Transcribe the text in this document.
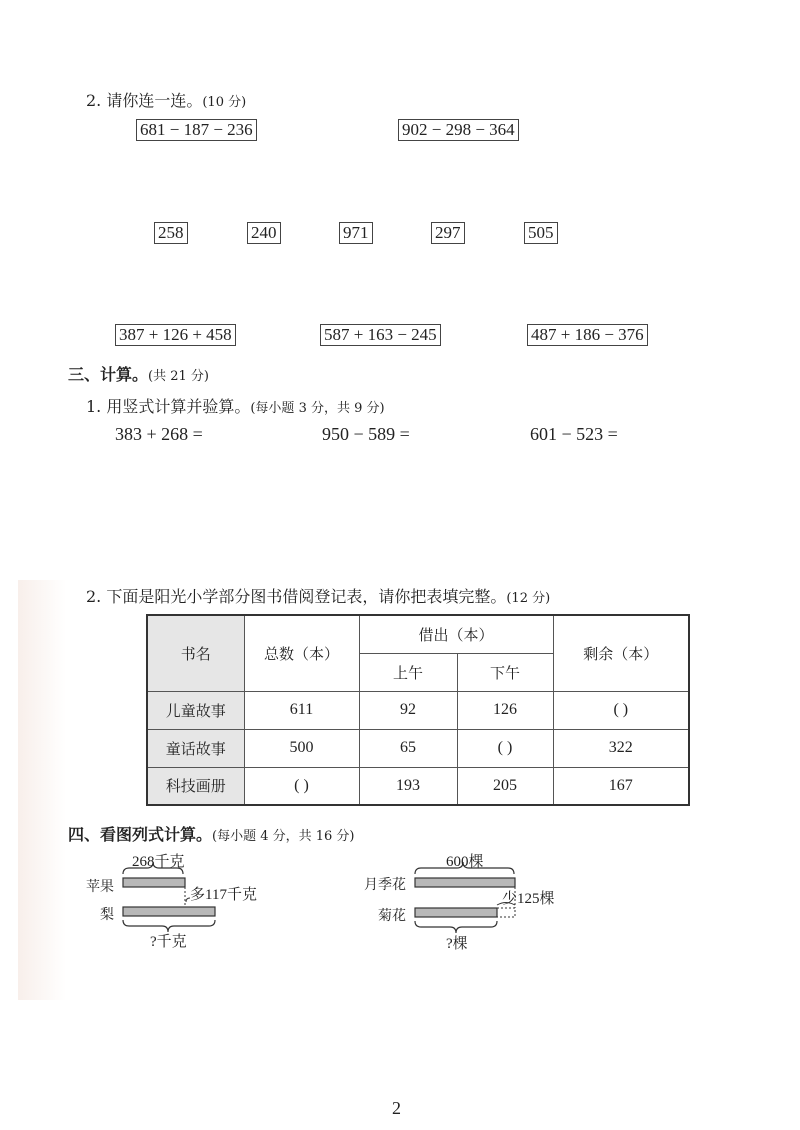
2. 请你连一连。(10 分)
681 − 187 − 236	902 − 298 − 364
258	240	971	297	505
387 + 126 + 458	587 + 163 − 245	487 + 186 − 376
三、计算。(共 21 分)
1. 用竖式计算并验算。(每小题 3 分，共 9 分)
383 + 268 =	950 − 589 =	601 − 523 =
2. 下面是阳光小学部分图书借阅登记表，请你把表填完整。(12 分)
书名	总数（本）	借出（本）		剩余（本）
		上午	下午	
儿童故事	611	92	126	( )
童话故事	500	65	( )	322
科技画册	( )	193	205	167
四、看图列式计算。(每小题 4 分，共 16 分)
268千克
苹果
梨
多117千克
?千克
600棵
月季花
菊花
少125棵
?棵
2
